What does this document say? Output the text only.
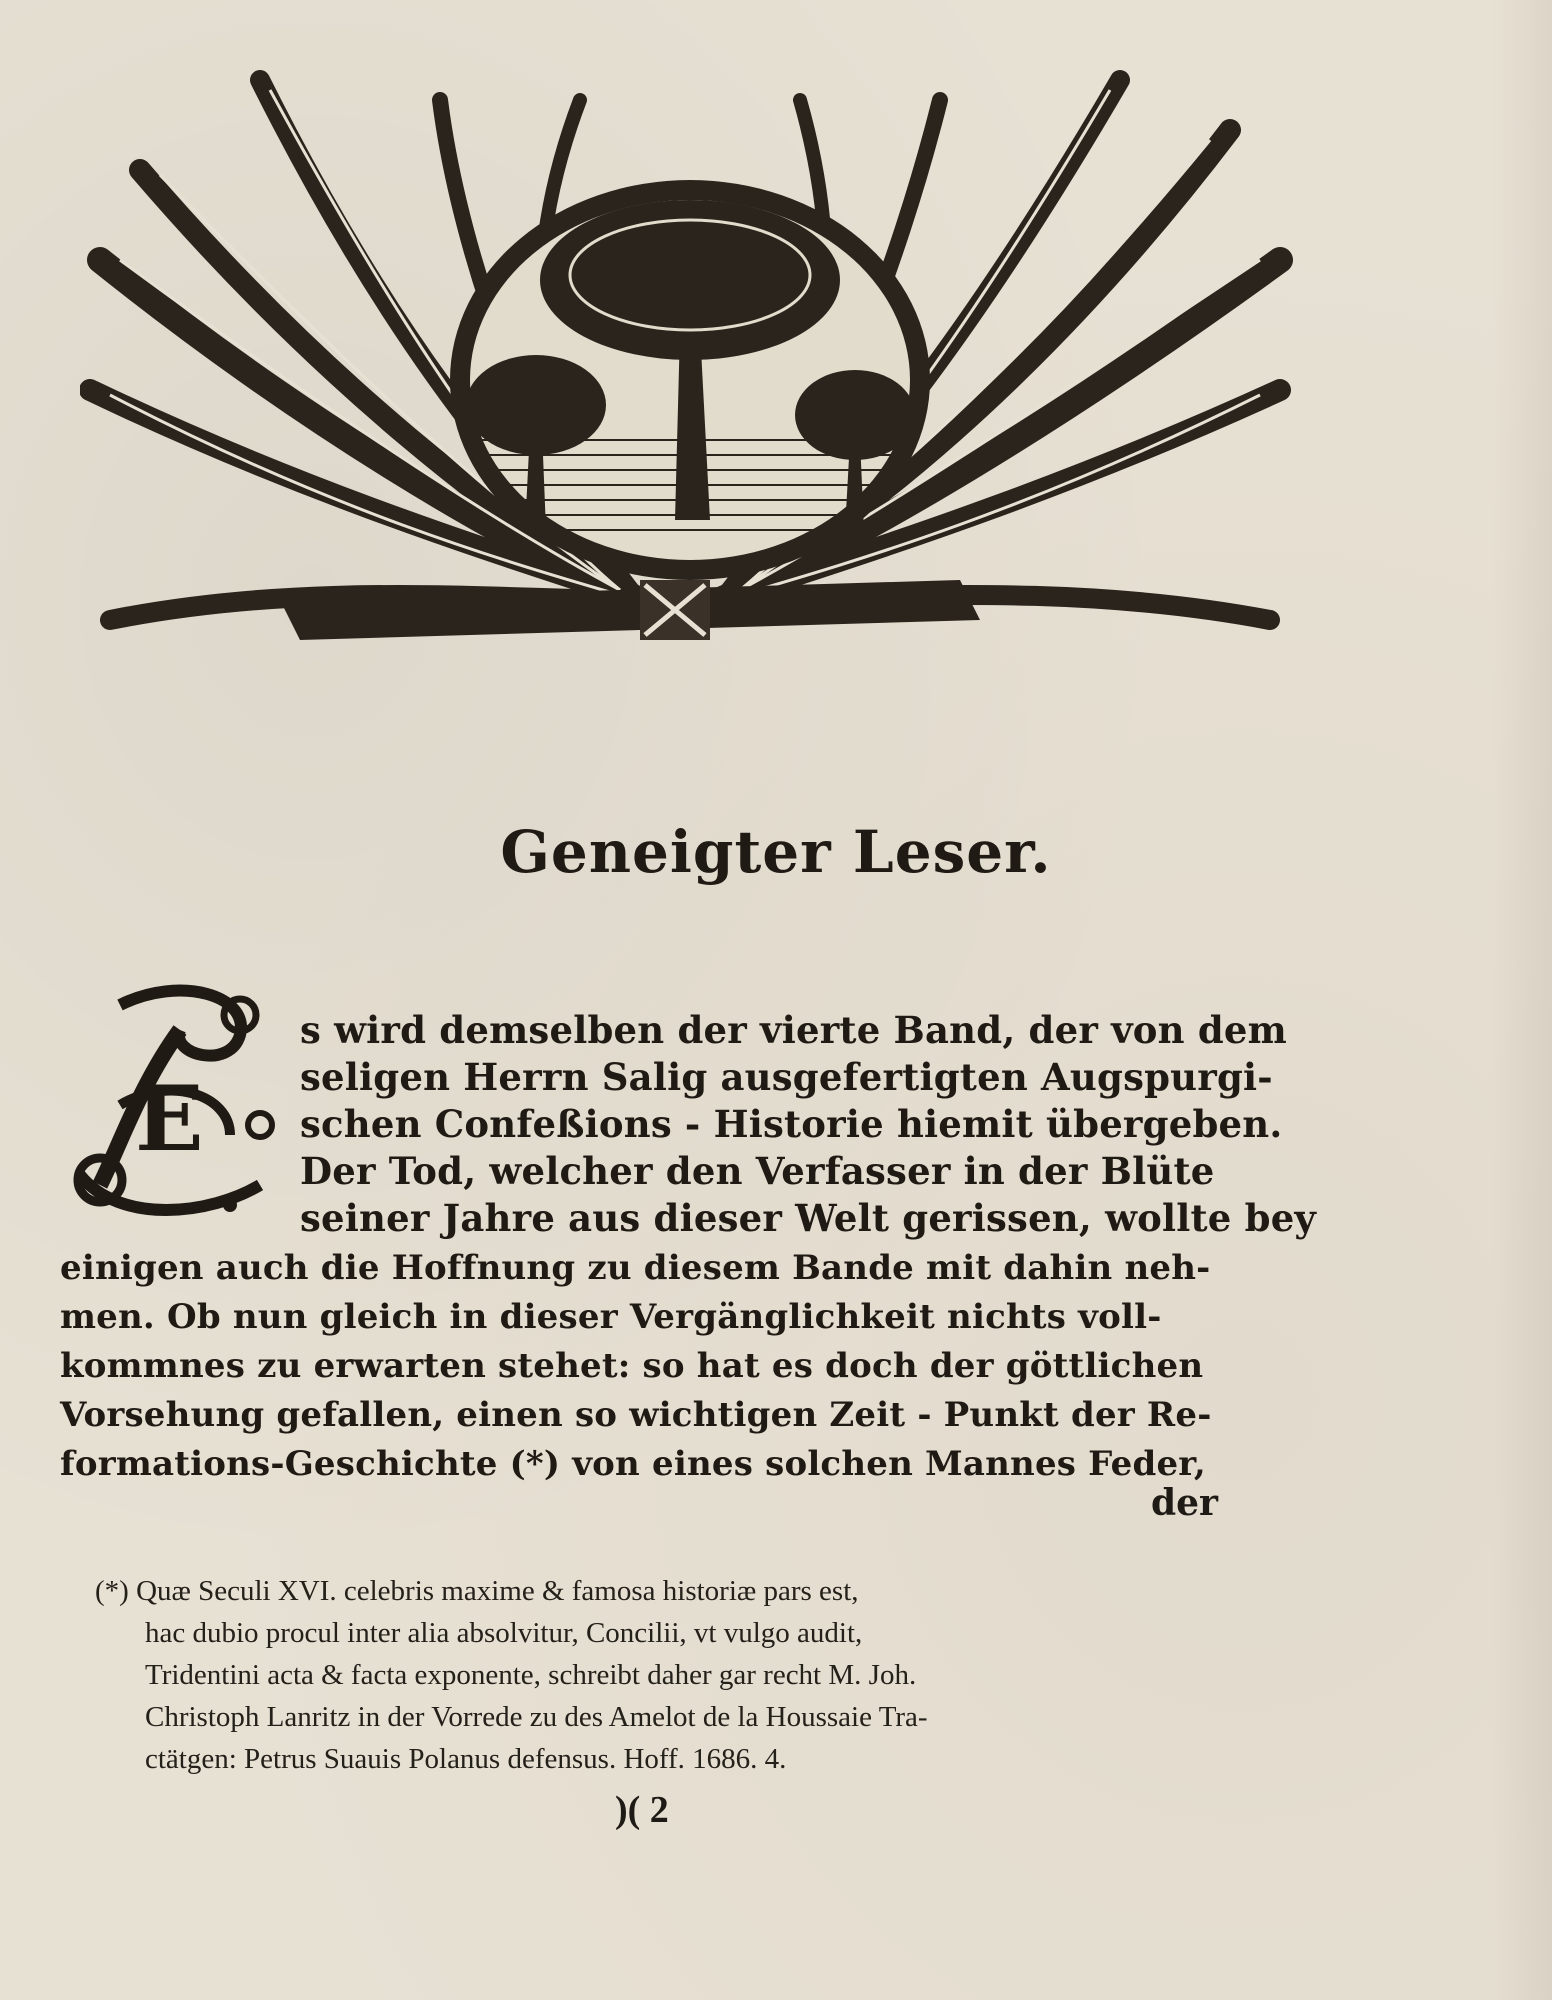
Geneigter Leser.
E
s wird demselben der vierte Band, der von dem
seligen Herrn Salig ausgefertigten Augspurgi-
schen Confeßions - Historie hiemit übergeben.
Der Tod, welcher den Verfasser in der Blüte
seiner Jahre aus dieser Welt gerissen, wollte bey
einigen auch die Hoffnung zu diesem Bande mit dahin neh-
men. Ob nun gleich in dieser Vergänglichkeit nichts voll-
kommnes zu erwarten stehet: so hat es doch der göttlichen
Vorsehung gefallen, einen so wichtigen Zeit - Punkt der Re-
formations-Geschichte (*) von eines solchen Mannes Feder,
der
(*) Quæ Seculi XVI. celebris maxime & famosa historiæ pars est,
hac dubio procul inter alia absolvitur, Concilii, vt vulgo audit,
Tridentini acta & facta exponente, schreibt daher gar recht M. Joh.
Christoph Lanritz in der Vorrede zu des Amelot de la Houssaie Tra-
ctätgen: Petrus Suauis Polanus defensus. Hoff. 1686. 4.
)( 2
